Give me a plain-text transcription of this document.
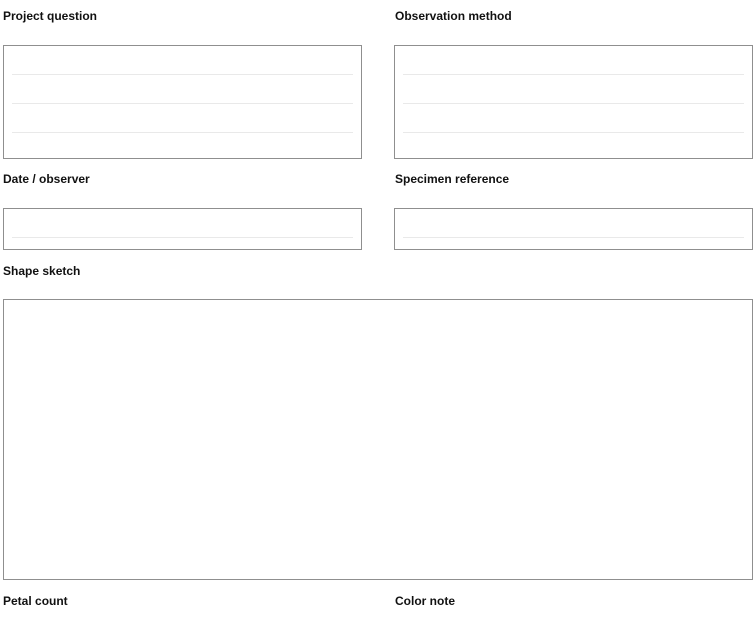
Project question	Observation method
Date / observer	Specimen reference
Shape sketch
Petal count	Color note
